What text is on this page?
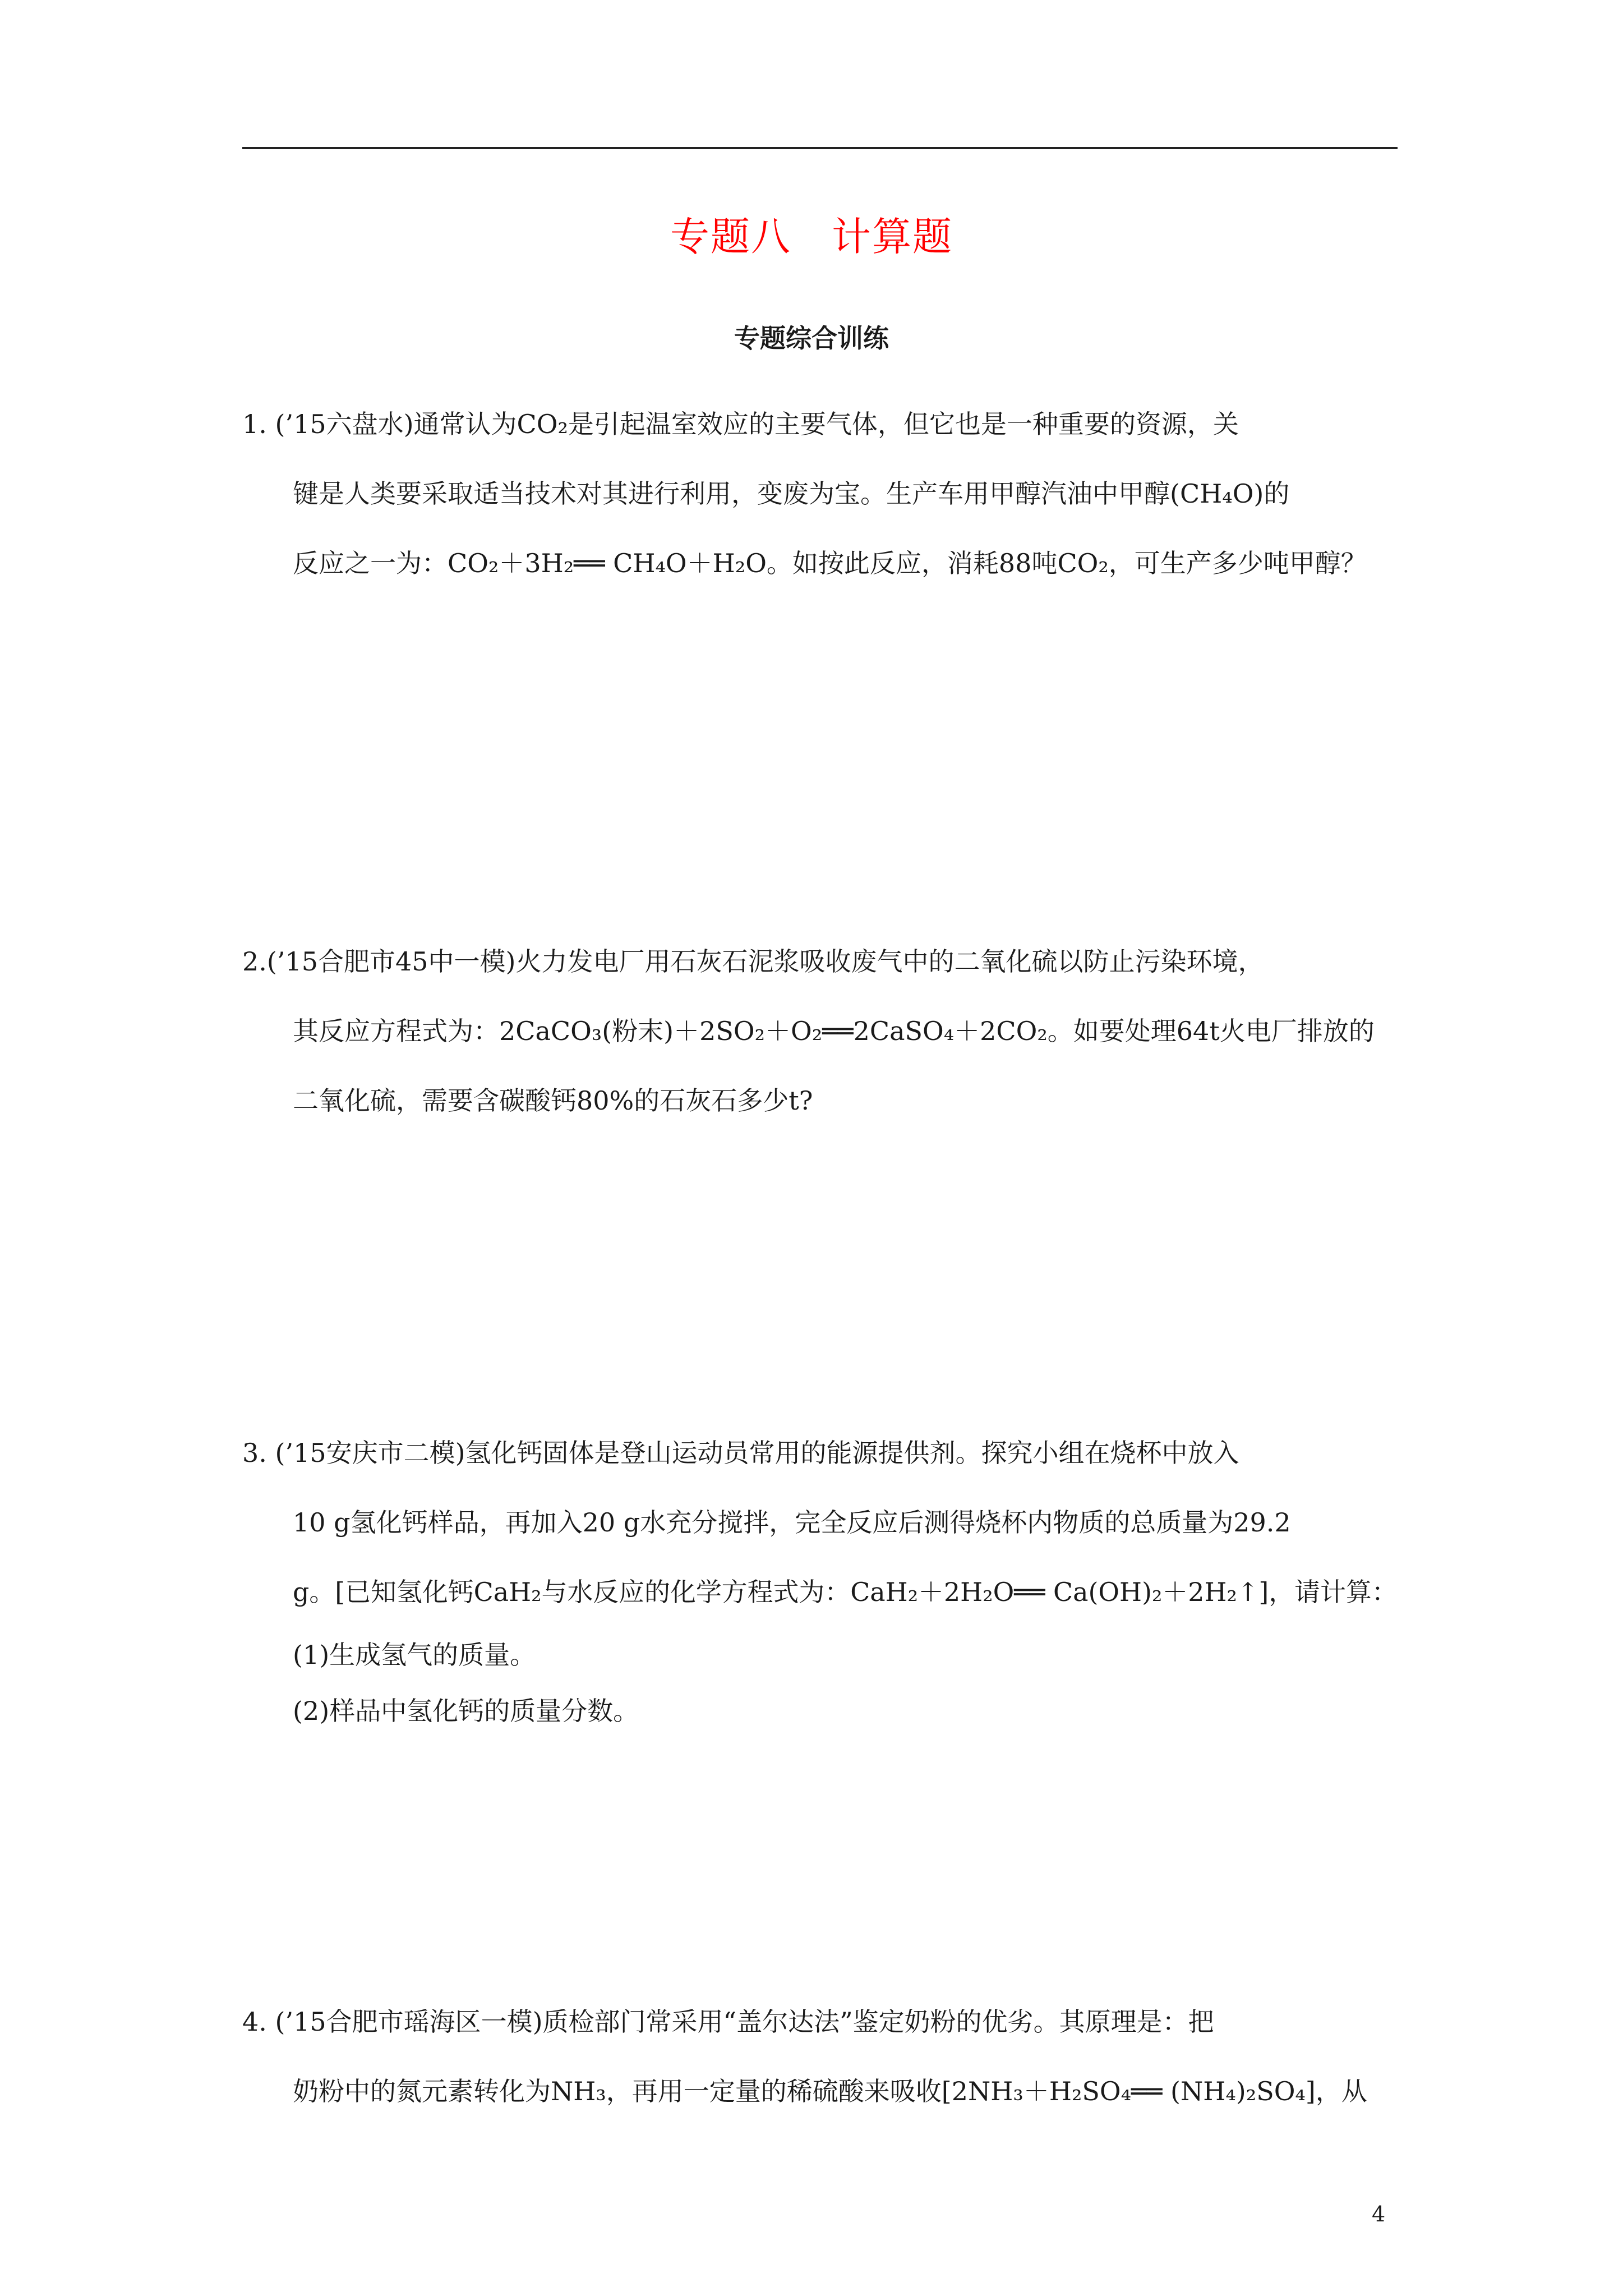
专题八　计算题
专题综合训练
1. (’15六盘水)通常认为CO₂是引起温室效应的主要气体，但它也是一种重要的资源，关
键是人类要采取适当技术对其进行利用，变废为宝。生产车用甲醇汽油中甲醇(CH₄O)的
反应之一为：CO₂＋3H₂══ CH₄O＋H₂O。如按此反应，消耗88吨CO₂，可生产多少吨甲醇？
2.(’15合肥市45中一模)火力发电厂用石灰石泥浆吸收废气中的二氧化硫以防止污染环境，
其反应方程式为：2CaCO₃(粉末)＋2SO₂＋O₂══2CaSO₄＋2CO₂。如要处理64t火电厂排放的
二氧化硫，需要含碳酸钙80%的石灰石多少t?
3. (’15安庆市二模)氢化钙固体是登山运动员常用的能源提供剂。探究小组在烧杯中放入
10 g氢化钙样品，再加入20 g水充分搅拌，完全反应后测得烧杯内物质的总质量为29.2
g。[已知氢化钙CaH₂与水反应的化学方程式为：CaH₂＋2H₂O══ Ca(OH)₂＋2H₂↑]，请计算：
(1)生成氢气的质量。
(2)样品中氢化钙的质量分数。
4. (’15合肥市瑶海区一模)质检部门常采用“盖尔达法”鉴定奶粉的优劣。其原理是：把
奶粉中的氮元素转化为NH₃，再用一定量的稀硫酸来吸收[2NH₃＋H₂SO₄══ (NH₄)₂SO₄]，从
4
